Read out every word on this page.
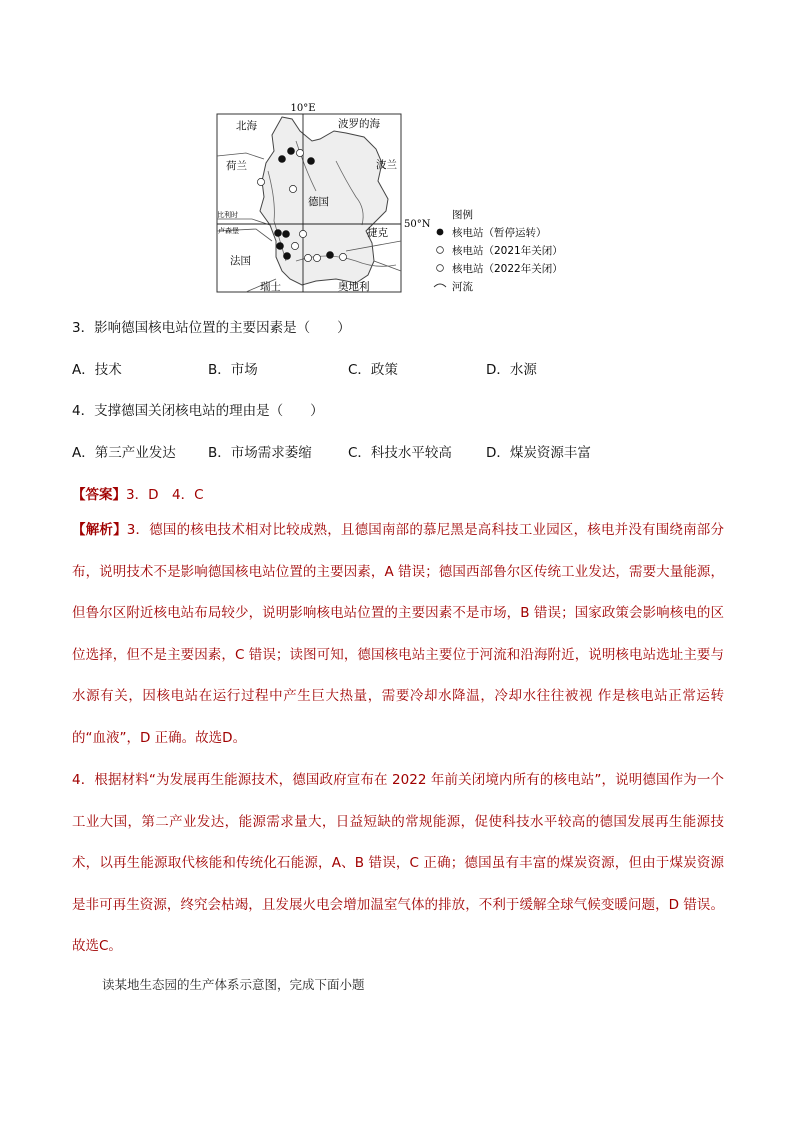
10°E
北海	波罗的海
荷兰	波兰
德国
比利时
卢森堡	捷克
法国
瑞士	奥地利
50°N
图例
核电站（暂停运转）
核电站（2021年关闭）
核电站（2022年关闭）
河流
3．影响德国核电站位置的主要因素是（　　）
A．技术	B．市场	C．政策	D．水源
4．支撑德国关闭核电站的理由是（　　）
A．第三产业发达 B．市场需求萎缩	C．科技水平较高	D．煤炭资源丰富
【答案】3．D　4．C
【解析】3．德国的核电技术相对比较成熟，且德国南部的慕尼黑是高科技工业园区，核电并没有围绕南部分布，说明技术不是影响德国核电站位置的主要因素，A 错误；德国西部鲁尔区传统工业发达，需要大量能源，但鲁尔区附近核电站布局较少，说明影响核电站位置的主要因素不是市场，B 错误；国家政策会影响核电的区位选择，但不是主要因素，C 错误；读图可知，德国核电站主要位于河流和沿海附近，说明核电站选址主要与水源有关，因核电站在运行过程中产生巨大热量，需要冷却水降温，冷却水往往被视 作是核电站正常运转的“血液”，D 正确。故选D。
4．根据材料“为发展再生能源技术，德国政府宣布在 2022 年前关闭境内所有的核电站”，说明德国作为一个工业大国，第二产业发达，能源需求量大，日益短缺的常规能源，促使科技水平较高的德国发展再生能源技术，以再生能源取代核能和传统化石能源，A、B 错误，C 正确；德国虽有丰富的煤炭资源，但由于煤炭资源是非可再生资源，终究会枯竭，且发展火电会增加温室气体的排放，不利于缓解全球气候变暖问题，D 错误。故选C。
读某地生态园的生产体系示意图，完成下面小题
